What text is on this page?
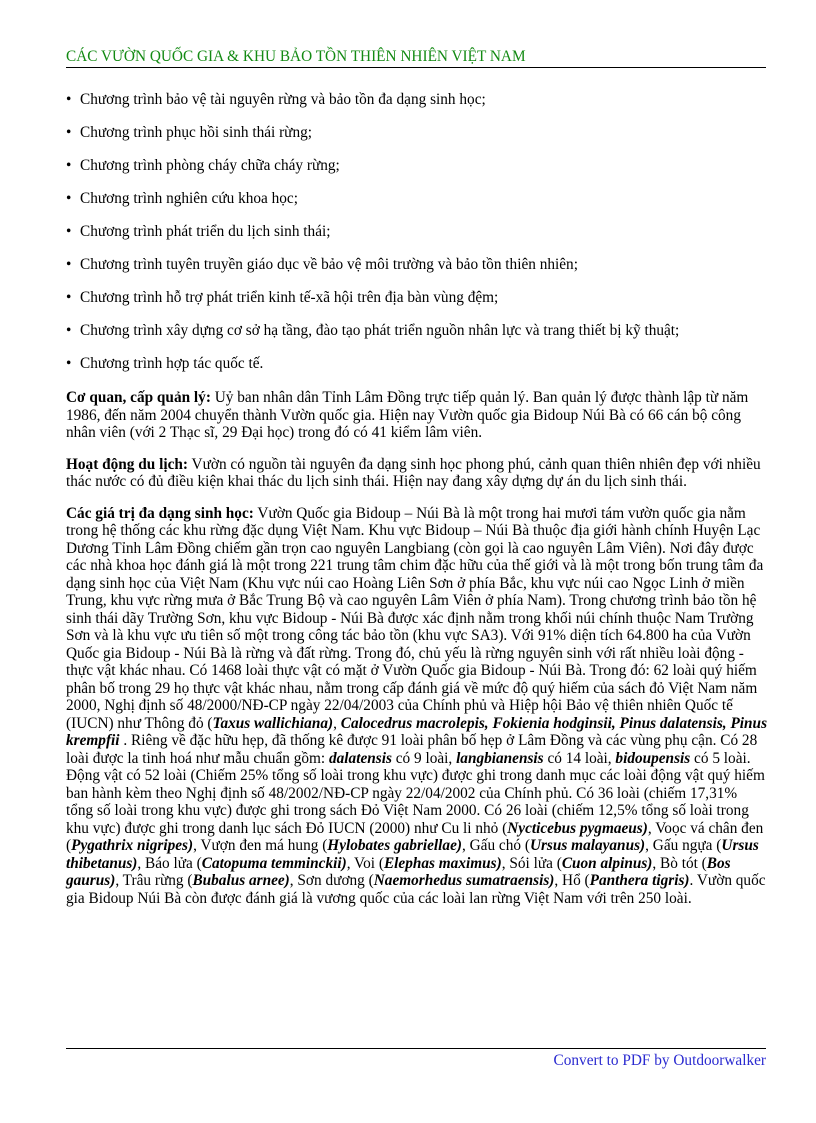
CÁC VƯỜN QUỐC GIA & KHU BẢO TỒN THIÊN NHIÊN VIỆT NAM
• Chương trình bảo vệ tài nguyên rừng và bảo tồn đa dạng sinh học;
• Chương trình phục hồi sinh thái rừng;
• Chương trình phòng cháy chữa cháy rừng;
• Chương trình nghiên cứu khoa học;
• Chương trình phát triển du lịch sinh thái;
• Chương trình tuyên truyền giáo dục về bảo vệ môi trường và bảo tồn thiên nhiên;
• Chương trình hỗ trợ phát triển kinh tế-xã hội trên địa bàn vùng đệm;
• Chương trình xây dựng cơ sở hạ tầng, đào tạo phát triển nguồn nhân lực và trang thiết bị kỹ thuật;
• Chương trình hợp tác quốc tế.

Cơ quan, cấp quản lý: Uỷ ban nhân dân Tỉnh Lâm Đồng trực tiếp quản lý. Ban quản lý được thành lập từ năm 1986, đến năm 2004 chuyển thành Vườn quốc gia. Hiện nay Vườn quốc gia Bidoup Núi Bà có 66 cán bộ công nhân viên (với 2 Thạc sĩ, 29 Đại học) trong đó có 41 kiểm lâm viên.

Hoạt động du lịch: Vườn có nguồn tài nguyên đa dạng sinh học phong phú, cảnh quan thiên nhiên đẹp với nhiều thác nước có đủ điều kiện khai thác du lịch sinh thái. Hiện nay đang xây dựng dự án du lịch sinh thái.

Các giá trị đa dạng sinh học: Vườn Quốc gia Bidoup – Núi Bà là một trong hai mươi tám vườn quốc gia nằm trong hệ thống các khu rừng đặc dụng Việt Nam. Khu vực Bidoup – Núi Bà thuộc địa giới hành chính Huyện Lạc Dương Tỉnh Lâm Đồng chiếm gần trọn cao nguyên Langbiang (còn gọi là cao nguyên Lâm Viên). Nơi đây được các nhà khoa học đánh giá là một trong 221 trung tâm chim đặc hữu của thế giới và là một trong bốn trung tâm đa dạng sinh học của Việt Nam (Khu vực núi cao Hoàng Liên Sơn ở phía Bắc, khu vực núi cao Ngọc Linh ở miền Trung, khu vực rừng mưa ở Bắc Trung Bộ và cao nguyên Lâm Viên ở phía Nam). Trong chương trình bảo tồn hệ sinh thái dãy Trường Sơn, khu vực Bidoup - Núi Bà được xác định nằm trong khối núi chính thuộc Nam Trường Sơn và là khu vực ưu tiên số một trong công tác bảo tồn (khu vực SA3). Với 91% diện tích 64.800 ha của Vườn Quốc gia Bidoup - Núi Bà là rừng và đất rừng. Trong đó, chủ yếu là rừng nguyên sinh với rất nhiều loài động - thực vật khác nhau. Có 1468 loài thực vật có mặt ở Vườn Quốc gia Bidoup - Núi Bà. Trong đó: 62 loài quý hiếm phân bố trong 29 họ thực vật khác nhau, nằm trong cấp đánh giá về mức độ quý hiếm của sách đỏ Việt Nam năm 2000, Nghị định số 48/2000/NĐ-CP ngày 22/04/2003 của Chính phủ và Hiệp hội Bảo vệ thiên nhiên Quốc tế (IUCN) như Thông đỏ (Taxus wallichiana), Calocedrus macrolepis, Fokienia hodginsii, Pinus dalatensis, Pinus krempfii . Riêng về đặc hữu hẹp, đã thống kê được 91 loài phân bố hẹp ở Lâm Đồng và các vùng phụ cận. Có 28 loài được la tinh hoá như mẫu chuẩn gồm: dalatensis có 9 loài, langbianensis có 14 loài, bidoupensis có 5 loài. Động vật có 52 loài (Chiếm 25% tổng số loài trong khu vực) được ghi trong danh mục các loài động vật quý hiếm ban hành kèm theo Nghị định số 48/2002/NĐ-CP ngày 22/04/2002 của Chính phủ. Có 36 loài (chiếm 17,31% tổng số loài trong khu vực) được ghi trong sách Đỏ Việt Nam 2000. Có 26 loài (chiếm 12,5% tổng số loài trong khu vực) được ghi trong danh lục sách Đỏ IUCN (2000) như Cu li nhỏ (Nycticebus pygmaeus), Voọc vá chân đen (Pygathrix nigripes), Vượn đen má hung (Hylobates gabriellae), Gấu chó (Ursus malayanus), Gấu ngựa (Ursus thibetanus), Báo lửa (Catopuma temminckii), Voi (Elephas maximus), Sói lửa (Cuon alpinus), Bò tót (Bos gaurus), Trâu rừng (Bubalus arnee), Sơn dương (Naemorhedus sumatraensis), Hổ (Panthera tigris). Vườn quốc gia Bidoup Núi Bà còn được đánh giá là vương quốc của các loài lan rừng Việt Nam với trên 250 loài.

Convert to PDF by Outdoorwalker
